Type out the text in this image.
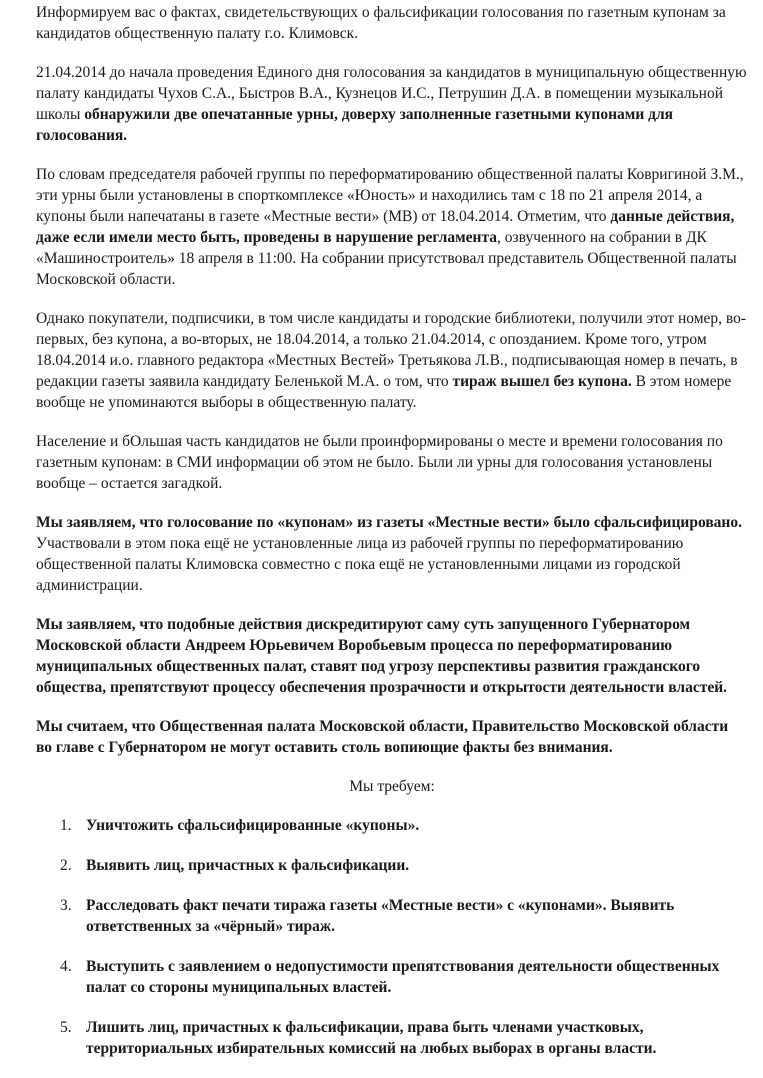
Информируем вас о фактах, свидетельствующих о фальсификации голосования по газетным купонам за кандидатов общественную палату г.о. Климовск.

21.04.2014 до начала проведения Единого дня голосования за кандидатов в муниципальную общественную палату кандидаты Чухов С.А., Быстров В.А., Кузнецов И.С., Петрушин Д.А. в помещении музыкальной школы обнаружили две опечатанные урны, доверху заполненные газетными купонами для голосования.

По словам председателя рабочей группы по переформатированию общественной палаты Ковригиной З.М., эти урны были установлены в спорткомплексе «Юность» и находились там с 18 по 21 апреля 2014, а купоны были напечатаны в газете «Местные вести» (МВ) от 18.04.2014. Отметим, что данные действия, даже если имели место быть, проведены в нарушение регламента, озвученного на собрании в ДК «Машиностроитель» 18 апреля в 11:00. На собрании присутствовал представитель Общественной палаты Московской области.

Однако покупатели, подписчики, в том числе кандидаты и городские библиотеки, получили этот номер, во-первых, без купона, а во-вторых, не 18.04.2014, а только 21.04.2014, с опозданием. Кроме того, утром 18.04.2014 и.о. главного редактора «Местных Вестей» Третьякова Л.В., подписывающая номер в печать, в редакции газеты заявила кандидату Беленькой М.А. о том, что тираж вышел без купона. В этом номере вообще не упоминаются выборы в общественную палату.

Население и бОльшая часть кандидатов не были проинформированы о месте и времени голосования по газетным купонам: в СМИ информации об этом не было. Были ли урны для голосования установлены вообще – остается загадкой.

Мы заявляем, что голосование по «купонам» из газеты «Местные вести» было сфальсифицировано. Участвовали в этом пока ещё не установленные лица из рабочей группы по переформатированию общественной палаты Климовска совместно с пока ещё не установленными лицами из городской администрации.

Мы заявляем, что подобные действия дискредитируют саму суть запущенного Губернатором Московской области Андреем Юрьевичем Воробьевым процесса по переформатированию муниципальных общественных палат, ставят под угрозу перспективы развития гражданского общества, препятствуют процессу обеспечения прозрачности и открытости деятельности властей.

Мы считаем, что Общественная палата Московской области, Правительство Московской области во главе с Губернатором не могут оставить столь вопиющие факты без внимания.

Мы требуем:

1. Уничтожить сфальсифицированные «купоны».
2. Выявить лиц, причастных к фальсификации.
3. Расследовать факт печати тиража газеты «Местные вести» с «купонами». Выявить ответственных за «чёрный» тираж.
4. Выступить с заявлением о недопустимости препятствования деятельности общественных палат со стороны муниципальных властей.
5. Лишить лиц, причастных к фальсификации, права быть членами участковых, территориальных избирательных комиссий на любых выборах в органы власти.
